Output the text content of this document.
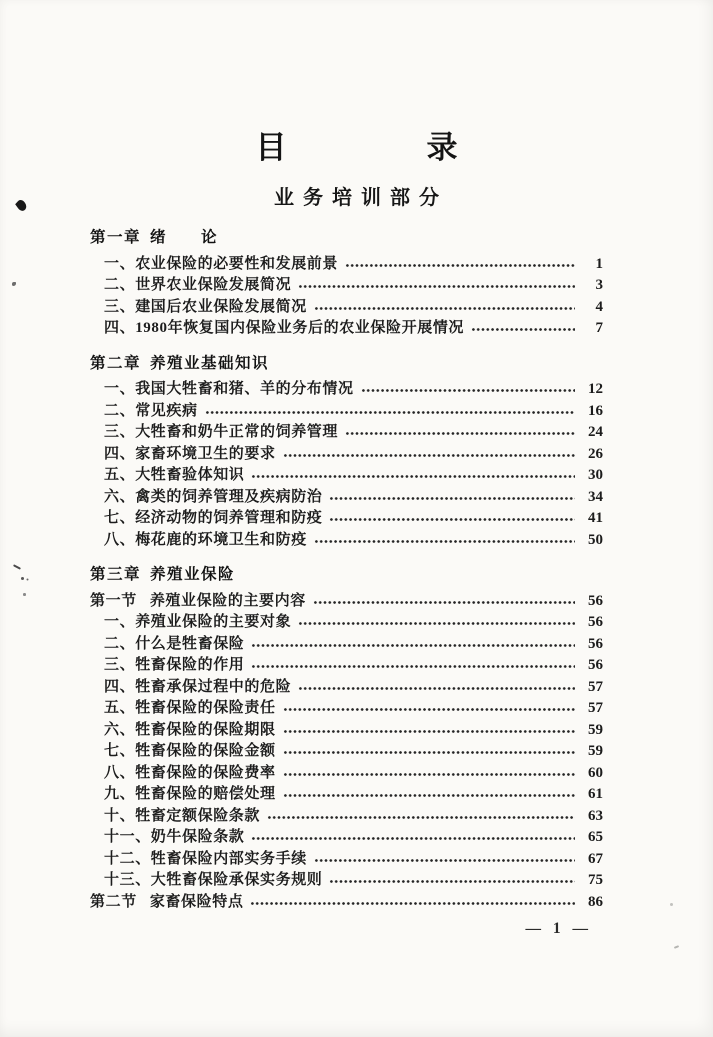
目	录
业务培训部分
第一章 绪　　论
一、农业保险的必要性和发展前景	1
二、世界农业保险发展简况	3
三、建国后农业保险发展简况	4
四、1980年恢复国内保险业务后的农业保险开展情况	7
第二章 养殖业基础知识
一、我国大牲畜和猪、羊的分布情况	12
二、常见疾病	16
三、大牲畜和奶牛正常的饲养管理	24
四、家畜环境卫生的要求	26
五、大牲畜验体知识	30
六、禽类的饲养管理及疾病防治	34
七、经济动物的饲养管理和防疫	41
八、梅花鹿的环境卫生和防疫	50
第三章 养殖业保险
第一节 养殖业保险的主要内容	56
一、养殖业保险的主要对象	56
二、什么是牲畜保险	56
三、牲畜保险的作用	56
四、牲畜承保过程中的危险	57
五、牲畜保险的保险责任	57
六、牲畜保险的保险期限	59
七、牲畜保险的保险金额	59
八、牲畜保险的保险费率	60
九、牲畜保险的赔偿处理	61
十、牲畜定额保险条款	63
十一、奶牛保险条款	65
十二、牲畜保险内部实务手续	67
十三、大牲畜保险承保实务规则	75
第二节 家畜保险特点	86
— 1 —
